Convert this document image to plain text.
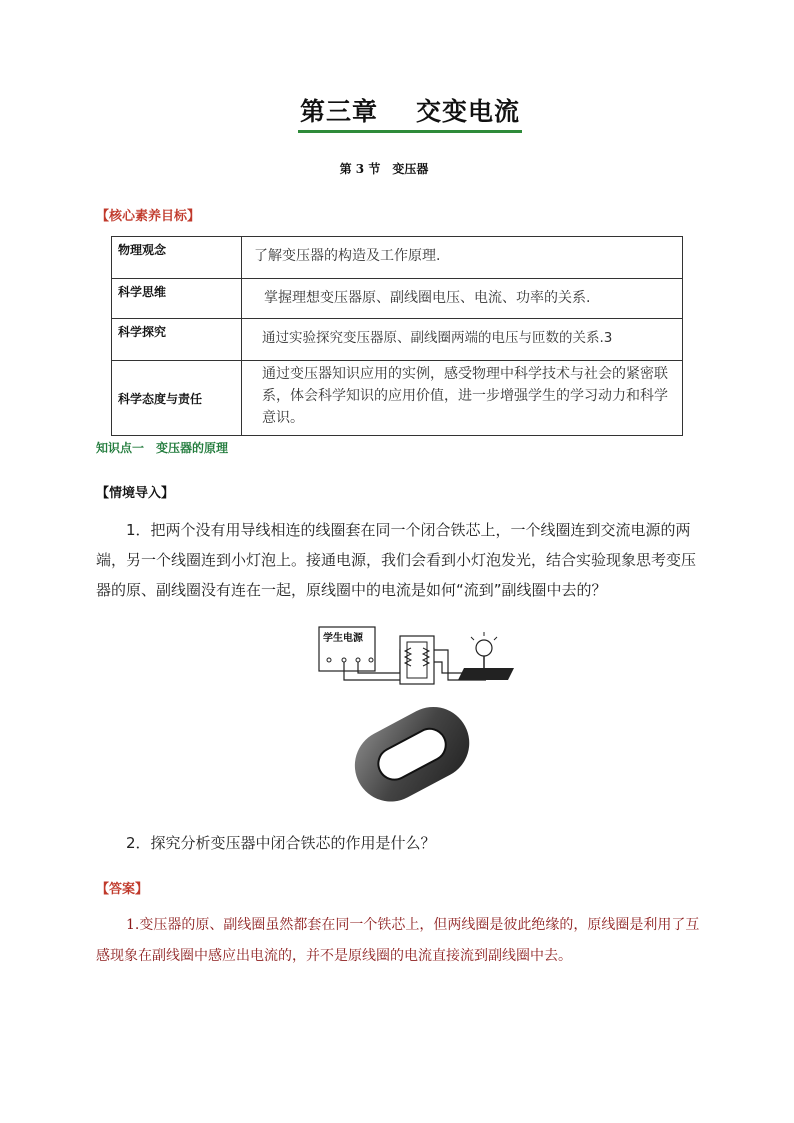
第三章 交变电流
第 3 节 变压器
【核心素养目标】
物理观念	了解变压器的构造及工作原理.
科学思维	掌握理想变压器原、副线圈电压、电流、功率的关系.
科学探究	通过实验探究变压器原、副线圈两端的电压与匝数的关系.3
科学态度与责任	通过变压器知识应用的实例，感受物理中科学技术与社会的紧密联系，体会科学知识的应用价值，进一步增强学生的学习动力和科学意识。
知识点一　变压器的原理
【情境导入】
1．把两个没有用导线相连的线圈套在同一个闭合铁芯上，一个线圈连到交流电源的两端，另一个线圈连到小灯泡上。接通电源，我们会看到小灯泡发光，结合实验现象思考变压器的原、副线圈没有连在一起，原线圈中的电流是如何“流到”副线圈中去的？
学生电源
2．探究分析变压器中闭合铁芯的作用是什么？
【答案】
1.变压器的原、副线圈虽然都套在同一个铁芯上，但两线圈是彼此绝缘的，原线圈是利用了互感现象在副线圈中感应出电流的，并不是原线圈的电流直接流到副线圈中去。
